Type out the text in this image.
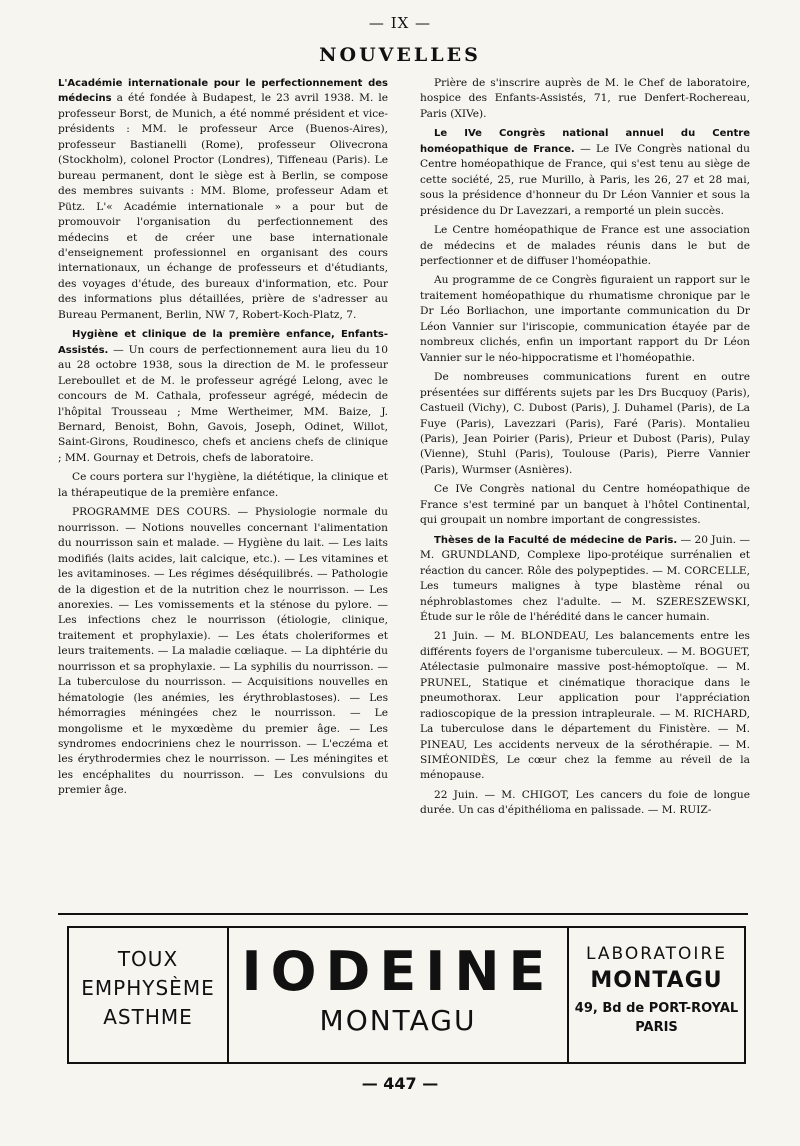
— IX —
NOUVELLES

L'Académie internationale pour le perfectionnement des médecins a été fondée à Budapest, le 23 avril 1938. M. le professeur Borst, de Munich, a été nommé président et vice-présidents : MM. le professeur Arce (Buenos-Aires), professeur Bastianelli (Rome), professeur Olivecrona (Stockholm), colonel Proctor (Londres), Tiffeneau (Paris). Le bureau permanent, dont le siège est à Berlin, se compose des membres suivants : MM. Blome, professeur Adam et Pütz. L'« Académie internationale » a pour but de promouvoir l'organisation du perfectionnement des médecins et de créer une base internationale d'enseignement professionnel en organisant des cours internationaux, un échange de professeurs et d'étudiants, des voyages d'étude, des bureaux d'information, etc. Pour des informations plus détaillées, prière de s'adresser au Bureau Permanent, Berlin, NW 7, Robert-Koch-Platz, 7.

Hygiène et clinique de la première enfance, Enfants-Assistés. — Un cours de perfectionnement aura lieu du 10 au 28 octobre 1938, sous la direction de M. le professeur Lereboullet et de M. le professeur agrégé Lelong, avec le concours de M. Cathala, professeur agrégé, médecin de l'hôpital Trousseau ; Mme Wertheimer, MM. Baize, J. Bernard, Benoist, Bohn, Gavois, Joseph, Odinet, Willot, Saint-Girons, Roudinesco, chefs et anciens chefs de clinique ; MM. Gournay et Detrois, chefs de laboratoire.

Ce cours portera sur l'hygiène, la diététique, la clinique et la thérapeutique de la première enfance.

PROGRAMME DES COURS. — Physiologie normale du nourrisson. — Notions nouvelles concernant l'alimentation du nourrisson sain et malade. — Hygiène du lait. — Les laits modifiés (laits acides, lait calcique, etc.). — Les vitamines et les avitaminoses. — Les régimes déséquilibrés. — Pathologie de la digestion et de la nutrition chez le nourrisson. — Les anorexies. — Les vomissements et la sténose du pylore. — Les infections chez le nourrisson (étiologie, clinique, traitement et prophylaxie). — Les états choleriformes et leurs traitements. — La maladie cœliaque. — La diphtérie du nourrisson et sa prophylaxie. — La syphilis du nourrisson. — La tuberculose du nourrisson. — Acquisitions nouvelles en hématologie (les anémies, les érythroblastoses). — Les hémorragies méningées chez le nourrisson. — Le mongolisme et le myxœdème du premier âge. — Les syndromes endocriniens chez le nourrisson. — L'eczéma et les érythrodermies chez le nourrisson. — Les méningites et les encéphalites du nourrisson. — Les convulsions du premier âge.

Prière de s'inscrire auprès de M. le Chef de laboratoire, hospice des Enfants-Assistés, 71, rue Denfert-Rochereau, Paris (XIVe).

Le IVe Congrès national annuel du Centre homéopathique de France. — Le IVe Congrès national du Centre homéopathique de France, qui s'est tenu au siège de cette société, 25, rue Murillo, à Paris, les 26, 27 et 28 mai, sous la présidence d'honneur du Dr Léon Vannier et sous la présidence du Dr Lavezzari, a remporté un plein succès.

Le Centre homéopathique de France est une association de médecins et de malades réunis dans le but de perfectionner et de diffuser l'homéopathie.

Au programme de ce Congrès figuraient un rapport sur le traitement homéopathique du rhumatisme chronique par le Dr Léo Borliachon, une importante communication du Dr Léon Vannier sur l'iriscopie, communication étayée par de nombreux clichés, enfin un important rapport du Dr Léon Vannier sur le néo-hippocratisme et l'homéopathie.

De nombreuses communications furent en outre présentées sur différents sujets par les Drs Bucquoy (Paris), Castueil (Vichy), C. Dubost (Paris), J. Duhamel (Paris), de La Fuye (Paris), Lavezzari (Paris), Faré (Paris). Montalieu (Paris), Jean Poirier (Paris), Prieur et Dubost (Paris), Pulay (Vienne), Stuhl (Paris), Toulouse (Paris), Pierre Vannier (Paris), Wurmser (Asnières).

Ce IVe Congrès national du Centre homéopathique de France s'est terminé par un banquet à l'hôtel Continental, qui groupait un nombre important de congressistes.

Thèses de la Faculté de médecine de Paris. — 20 Juin. — M. GRUNDLAND, Complexe lipo-protéique surrénalien et réaction du cancer. Rôle des polypeptides. — M. CORCELLE, Les tumeurs malignes à type blastème rénal ou néphroblastomes chez l'adulte. — M. SZERESZEWSKI, Étude sur le rôle de l'hérédité dans le cancer humain.

21 Juin. — M. BLONDEAU, Les balancements entre les différents foyers de l'organisme tuberculeux. — M. BOGUET, Atélectasie pulmonaire massive post-hémoptoïque. — M. PRUNEL, Statique et cinématique thoracique dans le pneumothorax. Leur application pour l'appréciation radioscopique de la pression intrapleurale. — M. RICHARD, La tuberculose dans le département du Finistère. — M. PINEAU, Les accidents nerveux de la sérothérapie. — M. SIMÉONIDÈS, Le cœur chez la femme au réveil de la ménopause.

22 Juin. — M. CHIGOT, Les cancers du foie de longue durée. Un cas d'épithélioma en palissade. — M. RUIZ-

TOUX
EMPHYSÈME
ASTHME
IODEINE
MONTAGU
LABORATOIRE
MONTAGU
49, Bd de PORT-ROYAL
PARIS
— 447 —
